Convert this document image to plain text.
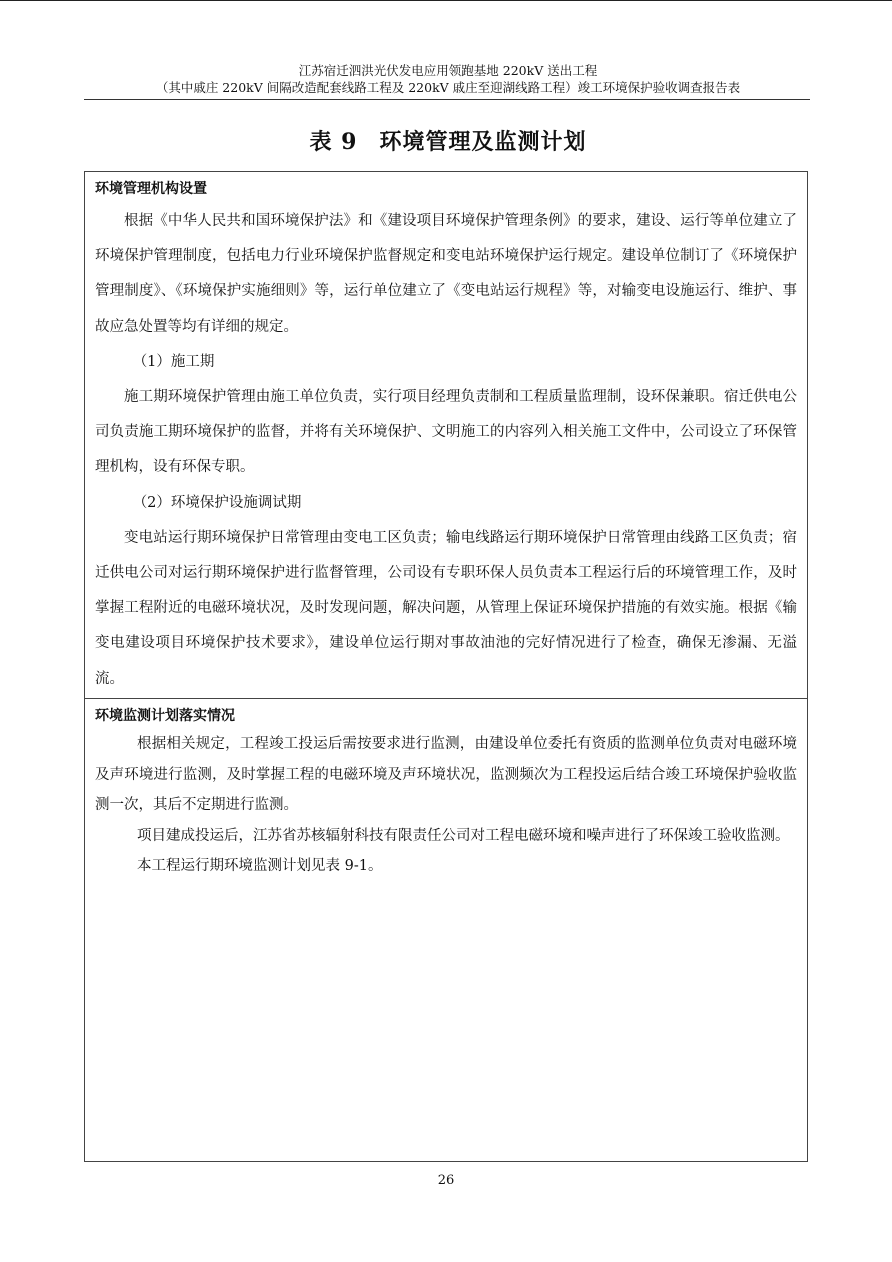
江苏宿迁泗洪光伏发电应用领跑基地 220kV 送出工程
（其中戚庄 220kV 间隔改造配套线路工程及 220kV 戚庄至迎湖线路工程）竣工环境保护验收调查报告表
表 9 环境管理及监测计划
环境管理机构设置

根据《中华人民共和国环境保护法》和《建设项目环境保护管理条例》的要求，建设、运行等单位建立了环境保护管理制度，包括电力行业环境保护监督规定和变电站环境保护运行规定。建设单位制订了《环境保护管理制度》、《环境保护实施细则》等，运行单位建立了《变电站运行规程》等，对输变电设施运行、维护、事故应急处置等均有详细的规定。

（1）施工期

施工期环境保护管理由施工单位负责，实行项目经理负责制和工程质量监理制，设环保兼职。宿迁供电公司负责施工期环境保护的监督，并将有关环境保护、文明施工的内容列入相关施工文件中，公司设立了环保管理机构，设有环保专职。

（2）环境保护设施调试期

变电站运行期环境保护日常管理由变电工区负责；输电线路运行期环境保护日常管理由线路工区负责；宿迁供电公司对运行期环境保护进行监督管理，公司设有专职环保人员负责本工程运行后的环境管理工作，及时掌握工程附近的电磁环境状况，及时发现问题，解决问题，从管理上保证环境保护措施的有效实施。根据《输变电建设项目环境保护技术要求》，建设单位运行期对事故油池的完好情况进行了检查，确保无渗漏、无溢流。

环境监测计划落实情况

根据相关规定，工程竣工投运后需按要求进行监测，由建设单位委托有资质的监测单位负责对电磁环境及声环境进行监测，及时掌握工程的电磁环境及声环境状况，监测频次为工程投运后结合竣工环境保护验收监测一次，其后不定期进行监测。

项目建成投运后，江苏省苏核辐射科技有限责任公司对工程电磁环境和噪声进行了环保竣工验收监测。

本工程运行期环境监测计划见表 9-1。

26
